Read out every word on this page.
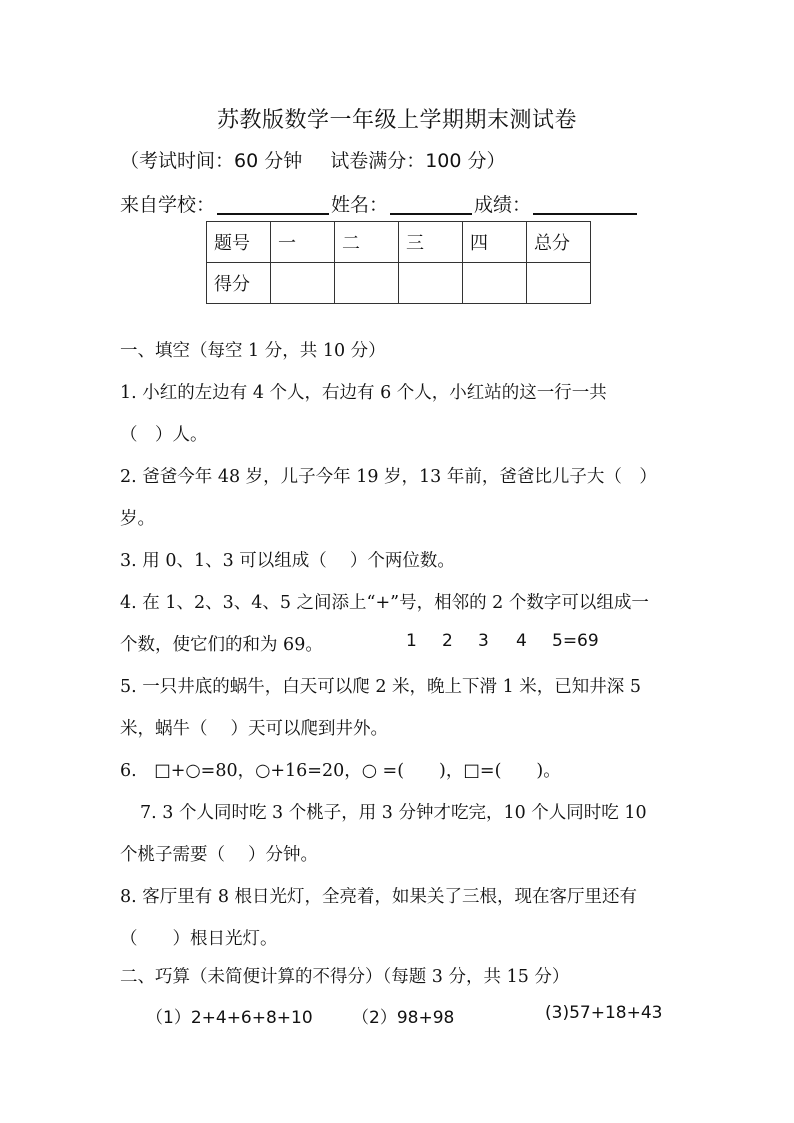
苏教版数学一年级上学期期末测试卷
（考试时间：60 分钟 试卷满分：100 分）
来自学校：	姓名：	成绩：
题号	一	二	三	四	总分
得分					
一、填空（每空 1 分，共 10 分）
1. 小红的左边有 4 个人，右边有 6 个人，小红站的这一行一共
（　）人。
2. 爸爸今年 48 岁，儿子今年 19 岁，13 年前，爸爸比儿子大（　）
岁。
3. 用 0、1、3 可以组成（　 ）个两位数。
4. 在 1、2、3、4、5 之间添上“+”号，相邻的 2 个数字可以组成一
个数，使它们的和为 69。	1 2 3 4 5=69
5. 一只井底的蜗牛，白天可以爬 2 米，晚上下滑 1 米，已知井深 5
米，蜗牛（　 ）天可以爬到井外。
6.　□+○=80，○+16=20，○ =(　　)，□=(　　)。
7. 3 个人同时吃 3 个桃子，用 3 分钟才吃完，10 个人同时吃 10
个桃子需要（　 ）分钟。
8. 客厅里有 8 根日光灯，全亮着，如果关了三根，现在客厅里还有
（　　）根日光灯。
二、巧算（未简便计算的不得分）（每题 3 分，共 15 分）
（1）2+4+6+8+10 （2）98+98	(3)57+18+43
